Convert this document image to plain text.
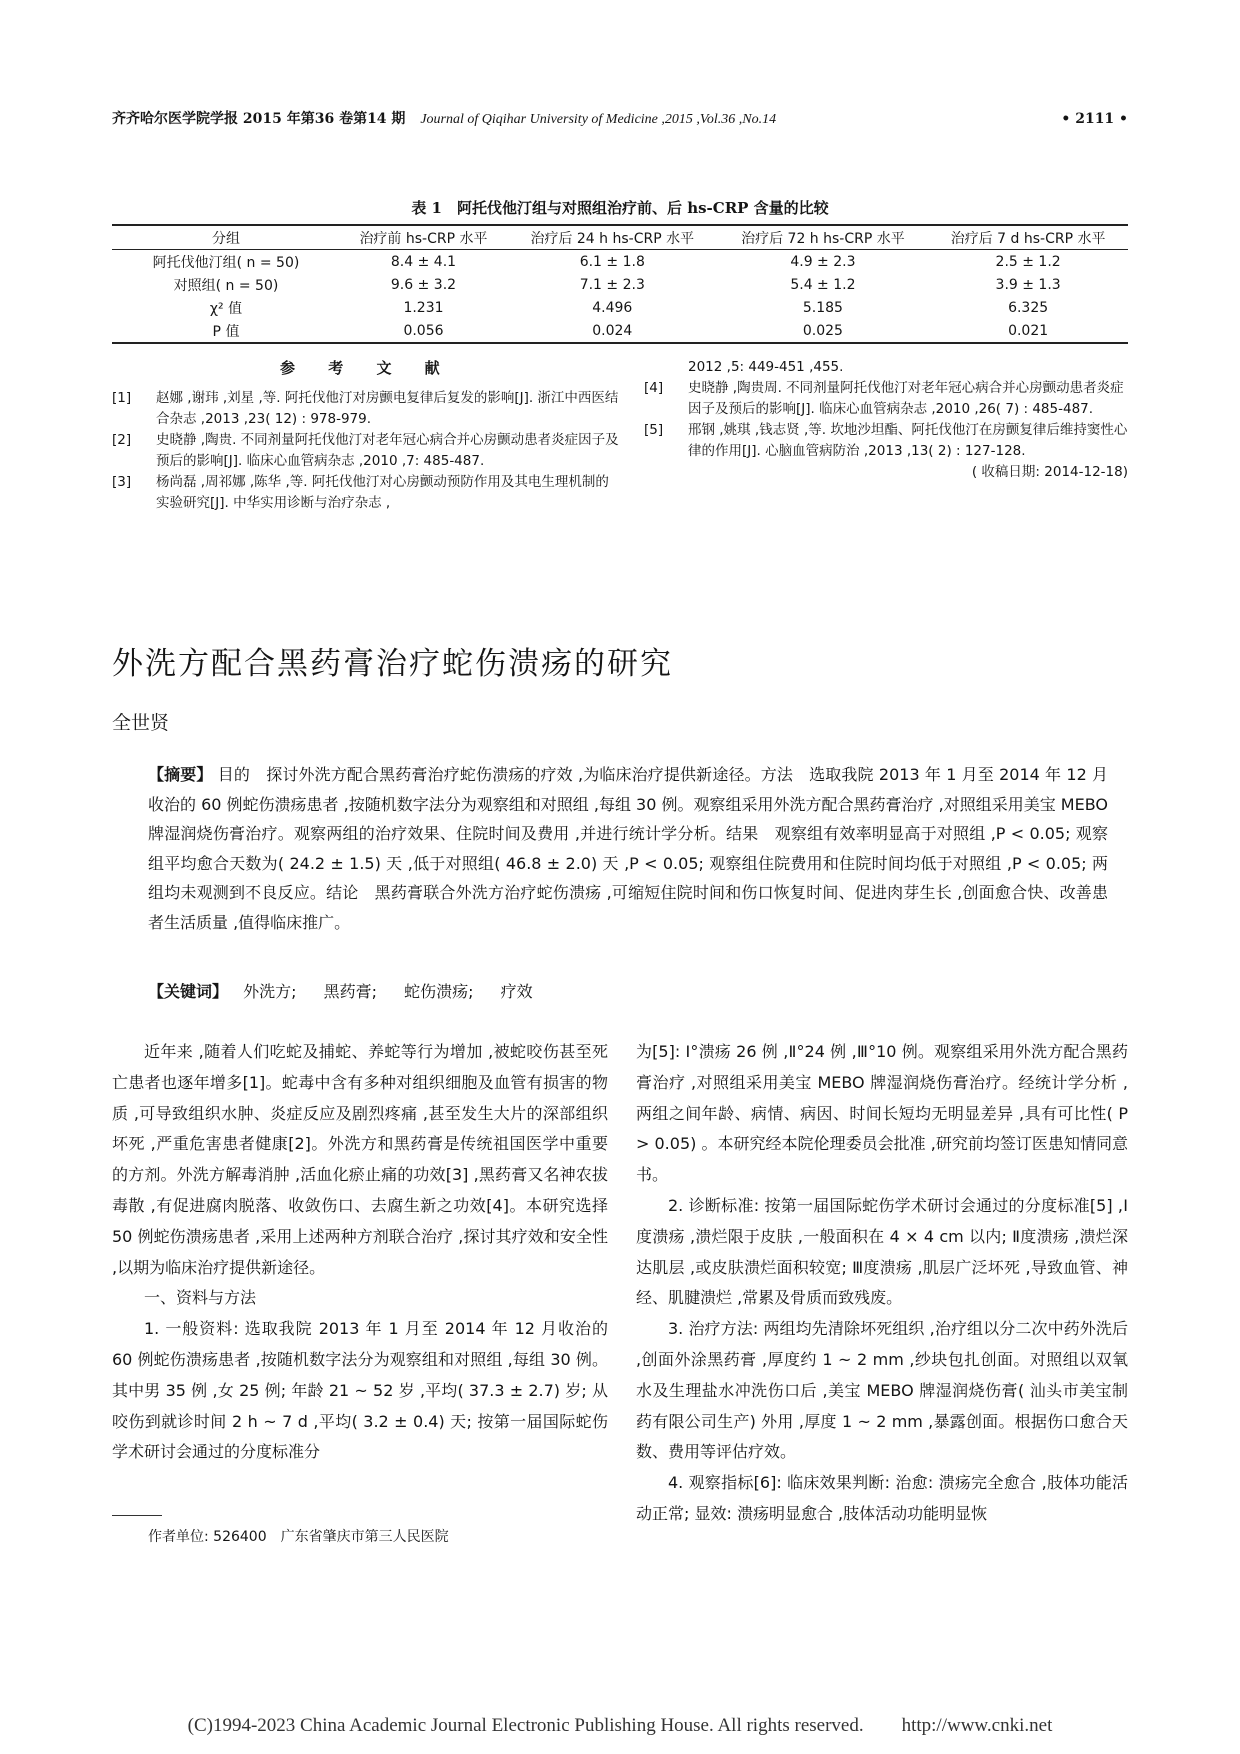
齐齐哈尔医学院学报 2015 年第36 卷第14 期 Journal of Qiqihar University of Medicine ,2015 ,Vol.36 ,No.14	• 2111 •
表 1　阿托伐他汀组与对照组治疗前、后 hs-CRP 含量的比较
分组	治疗前 hs-CRP 水平	治疗后 24 h hs-CRP 水平	治疗后 72 h hs-CRP 水平	治疗后 7 d hs-CRP 水平
阿托伐他汀组( n = 50)	8.4 ± 4.1	6.1 ± 1.8	4.9 ± 2.3	2.5 ± 1.2
对照组( n = 50)	9.6 ± 3.2	7.1 ± 2.3	5.4 ± 1.2	3.9 ± 1.3
χ² 值	1.231	4.496	5.185	6.325
P 值	0.056	0.024	0.025	0.021
参 考 文 献
[1]	赵娜 ,谢玮 ,刘星 ,等. 阿托伐他汀对房颤电复律后复发的影响[J]. 浙江中西医结合杂志 ,2013 ,23( 12) : 978-979.
[2]	史晓静 ,陶贵. 不同剂量阿托伐他汀对老年冠心病合并心房颤动患者炎症因子及预后的影响[J]. 临床心血管病杂志 ,2010 ,7: 485-487.
[3]	杨尚磊 ,周祁娜 ,陈华 ,等. 阿托伐他汀对心房颤动预防作用及其电生理机制的实验研究[J]. 中华实用诊断与治疗杂志 ,
2012 ,5: 449-451 ,455.
[4]	史晓静 ,陶贵周. 不同剂量阿托伐他汀对老年冠心病合并心房颤动患者炎症因子及预后的影响[J]. 临床心血管病杂志 ,2010 ,26( 7) : 485-487.
[5]	邢钢 ,姚琪 ,钱志贤 ,等. 坎地沙坦酯、阿托伐他汀在房颤复律后维持窦性心律的作用[J]. 心脑血管病防治 ,2013 ,13( 2) : 127-128.
( 收稿日期: 2014-12-18)
外洗方配合黑药膏治疗蛇伤溃疡的研究
全世贤
【摘要】 目的　探讨外洗方配合黑药膏治疗蛇伤溃疡的疗效 ,为临床治疗提供新途径。方法　选取我院 2013 年 1 月至 2014 年 12 月收治的 60 例蛇伤溃疡患者 ,按随机数字法分为观察组和对照组 ,每组 30 例。观察组采用外洗方配合黑药膏治疗 ,对照组采用美宝 MEBO 牌湿润烧伤膏治疗。观察两组的治疗效果、住院时间及费用 ,并进行统计学分析。结果　观察组有效率明显高于对照组 ,P < 0.05; 观察组平均愈合天数为( 24.2 ± 1.5) 天 ,低于对照组( 46.8 ± 2.0) 天 ,P < 0.05; 观察组住院费用和住院时间均低于对照组 ,P < 0.05; 两组均未观测到不良反应。结论　黑药膏联合外洗方治疗蛇伤溃疡 ,可缩短住院时间和伤口恢复时间、促进肉芽生长 ,创面愈合快、改善患者生活质量 ,值得临床推广。
【关键词】 外洗方; 黑药膏; 蛇伤溃疡; 疗效

近年来 ,随着人们吃蛇及捕蛇、养蛇等行为增加 ,被蛇咬伤甚至死亡患者也逐年增多[1]。蛇毒中含有多种对组织细胞及血管有损害的物质 ,可导致组织水肿、炎症反应及剧烈疼痛 ,甚至发生大片的深部组织坏死 ,严重危害患者健康[2]。外洗方和黑药膏是传统祖国医学中重要的方剂。外洗方解毒消肿 ,活血化瘀止痛的功效[3] ,黑药膏又名神农拔毒散 ,有促进腐肉脱落、收敛伤口、去腐生新之功效[4]。本研究选择 50 例蛇伤溃疡患者 ,采用上述两种方剂联合治疗 ,探讨其疗效和安全性 ,以期为临床治疗提供新途径。

一、资料与方法

1. 一般资料: 选取我院 2013 年 1 月至 2014 年 12 月收治的 60 例蛇伤溃疡患者 ,按随机数字法分为观察组和对照组 ,每组 30 例。其中男 35 例 ,女 25 例; 年龄 21 ~ 52 岁 ,平均( 37.3 ± 2.7) 岁; 从咬伤到就诊时间 2 h ~ 7 d ,平均( 3.2 ± 0.4) 天; 按第一届国际蛇伤学术研讨会通过的分度标准分

为[5]: Ⅰ°溃疡 26 例 ,Ⅱ°24 例 ,Ⅲ°10 例。观察组采用外洗方配合黑药膏治疗 ,对照组采用美宝 MEBO 牌湿润烧伤膏治疗。经统计学分析 ,两组之间年龄、病情、病因、时间长短均无明显差异 ,具有可比性( P > 0.05) 。本研究经本院伦理委员会批准 ,研究前均签订医患知情同意书。

2. 诊断标准: 按第一届国际蛇伤学术研讨会通过的分度标准[5] ,Ⅰ度溃疡 ,溃烂限于皮肤 ,一般面积在 4 × 4 cm 以内; Ⅱ度溃疡 ,溃烂深达肌层 ,或皮肤溃烂面积较宽; Ⅲ度溃疡 ,肌层广泛坏死 ,导致血管、神经、肌腱溃烂 ,常累及骨质而致残废。

3. 治疗方法: 两组均先清除坏死组织 ,治疗组以分二次中药外洗后 ,创面外涂黑药膏 ,厚度约 1 ~ 2 mm ,纱块包扎创面。对照组以双氧水及生理盐水冲洗伤口后 ,美宝 MEBO 牌湿润烧伤膏( 汕头市美宝制药有限公司生产) 外用 ,厚度 1 ~ 2 mm ,暴露创面。根据伤口愈合天数、费用等评估疗效。

4. 观察指标[6]: 临床效果判断: 治愈: 溃疡完全愈合 ,肢体功能活动正常; 显效: 溃疡明显愈合 ,肢体活动功能明显恢

作者单位: 526400　广东省肇庆市第三人民医院
(C)1994-2023 China Academic Journal Electronic Publishing House. All rights reserved.　　http://www.cnki.net
